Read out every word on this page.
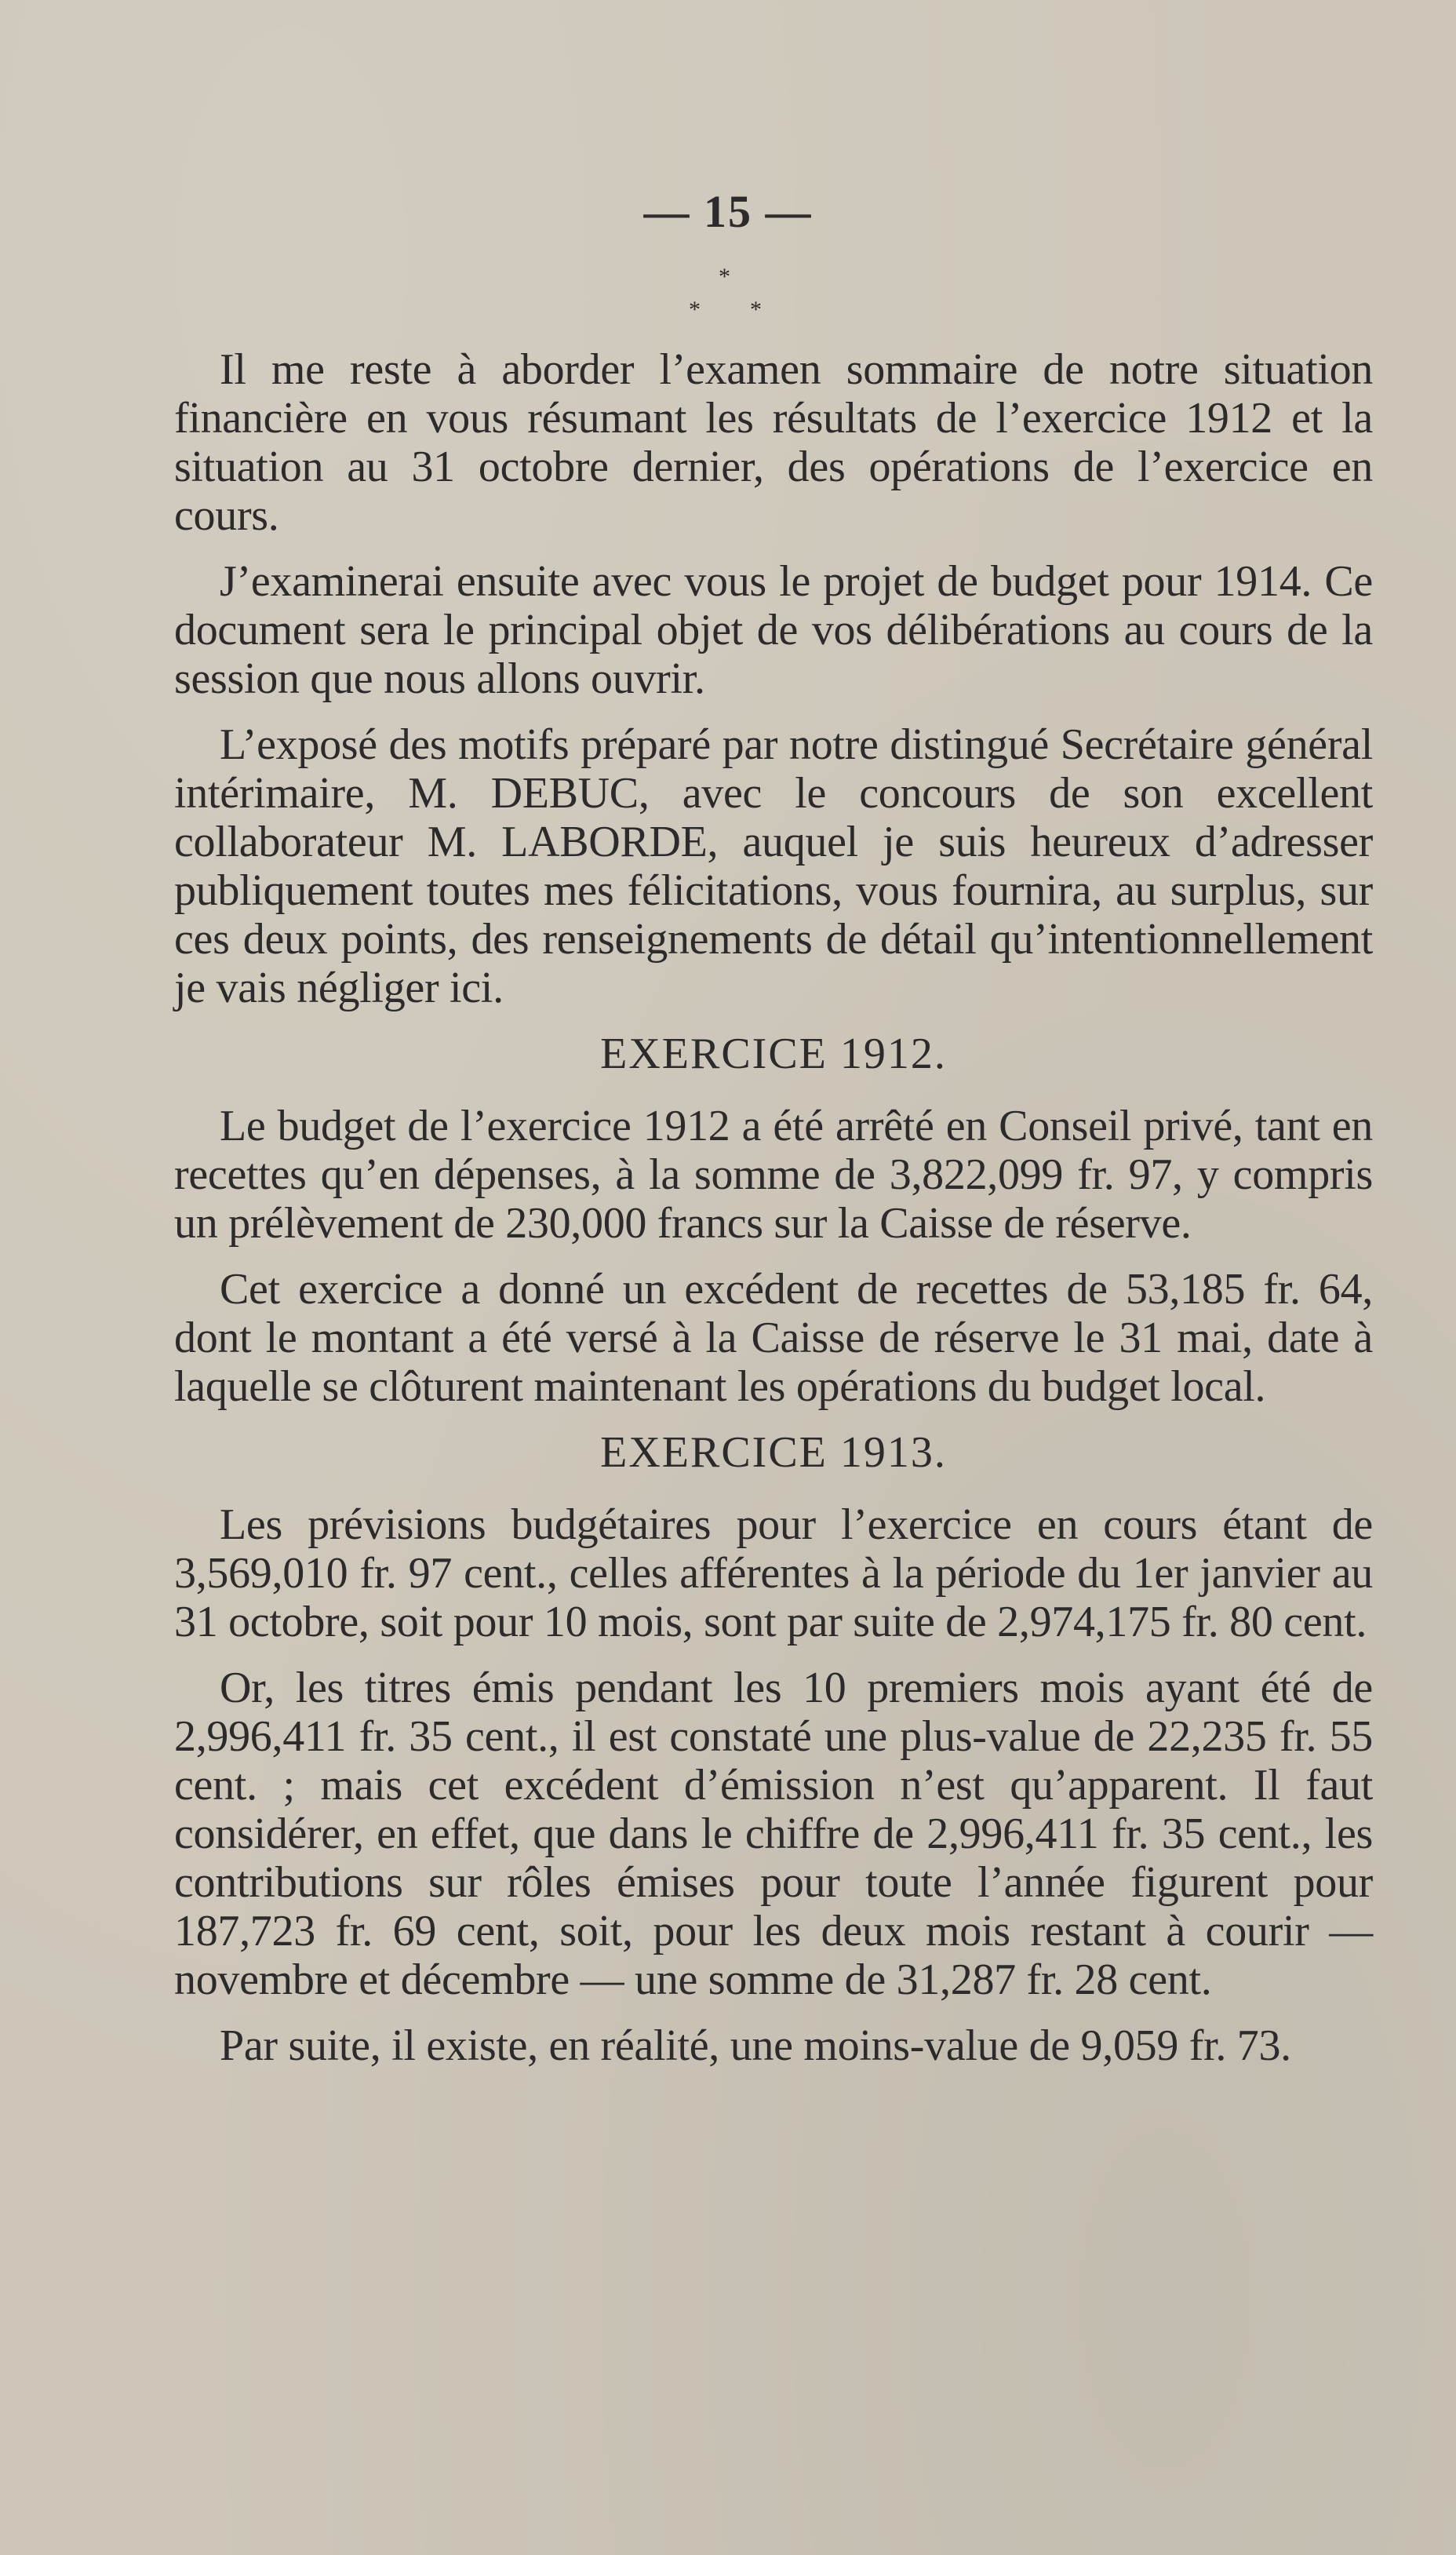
— 15 —
*
* *

Il me reste à aborder l’examen sommaire de notre situation financière en vous résumant les résultats de l’exercice 1912 et la situation au 31 octobre dernier, des opérations de l’exercice en cours.

J’examinerai ensuite avec vous le projet de budget pour 1914. Ce document sera le principal objet de vos délibérations au cours de la session que nous allons ouvrir.

L’exposé des motifs préparé par notre distingué Secrétaire général intérimaire, M. DEBUC, avec le concours de son excellent collaborateur M. LABORDE, auquel je suis heureux d’adresser publiquement toutes mes félicitations, vous fournira, au surplus, sur ces deux points, des renseignements de détail qu’intentionnellement je vais négliger ici.

EXERCICE 1912.

Le budget de l’exercice 1912 a été arrêté en Conseil privé, tant en recettes qu’en dépenses, à la somme de 3,822,099 fr. 97, y compris un prélèvement de 230,000 francs sur la Caisse de réserve.

Cet exercice a donné un excédent de recettes de 53,185 fr. 64, dont le montant a été versé à la Caisse de réserve le 31 mai, date à laquelle se clôturent maintenant les opérations du budget local.

EXERCICE 1913.

Les prévisions budgétaires pour l’exercice en cours étant de 3,569,010 fr. 97 cent., celles afférentes à la période du 1er janvier au 31 octobre, soit pour 10 mois, sont par suite de 2,974,175 fr. 80 cent.

Or, les titres émis pendant les 10 premiers mois ayant été de 2,996,411 fr. 35 cent., il est constaté une plus-value de 22,235 fr. 55 cent. ; mais cet excédent d’émission n’est qu’apparent. Il faut considérer, en effet, que dans le chiffre de 2,996,411 fr. 35 cent., les contributions sur rôles émises pour toute l’année figurent pour 187,723 fr. 69 cent, soit, pour les deux mois restant à courir — novembre et décembre — une somme de 31,287 fr. 28 cent.

Par suite, il existe, en réalité, une moins-value de 9,059 fr. 73.
